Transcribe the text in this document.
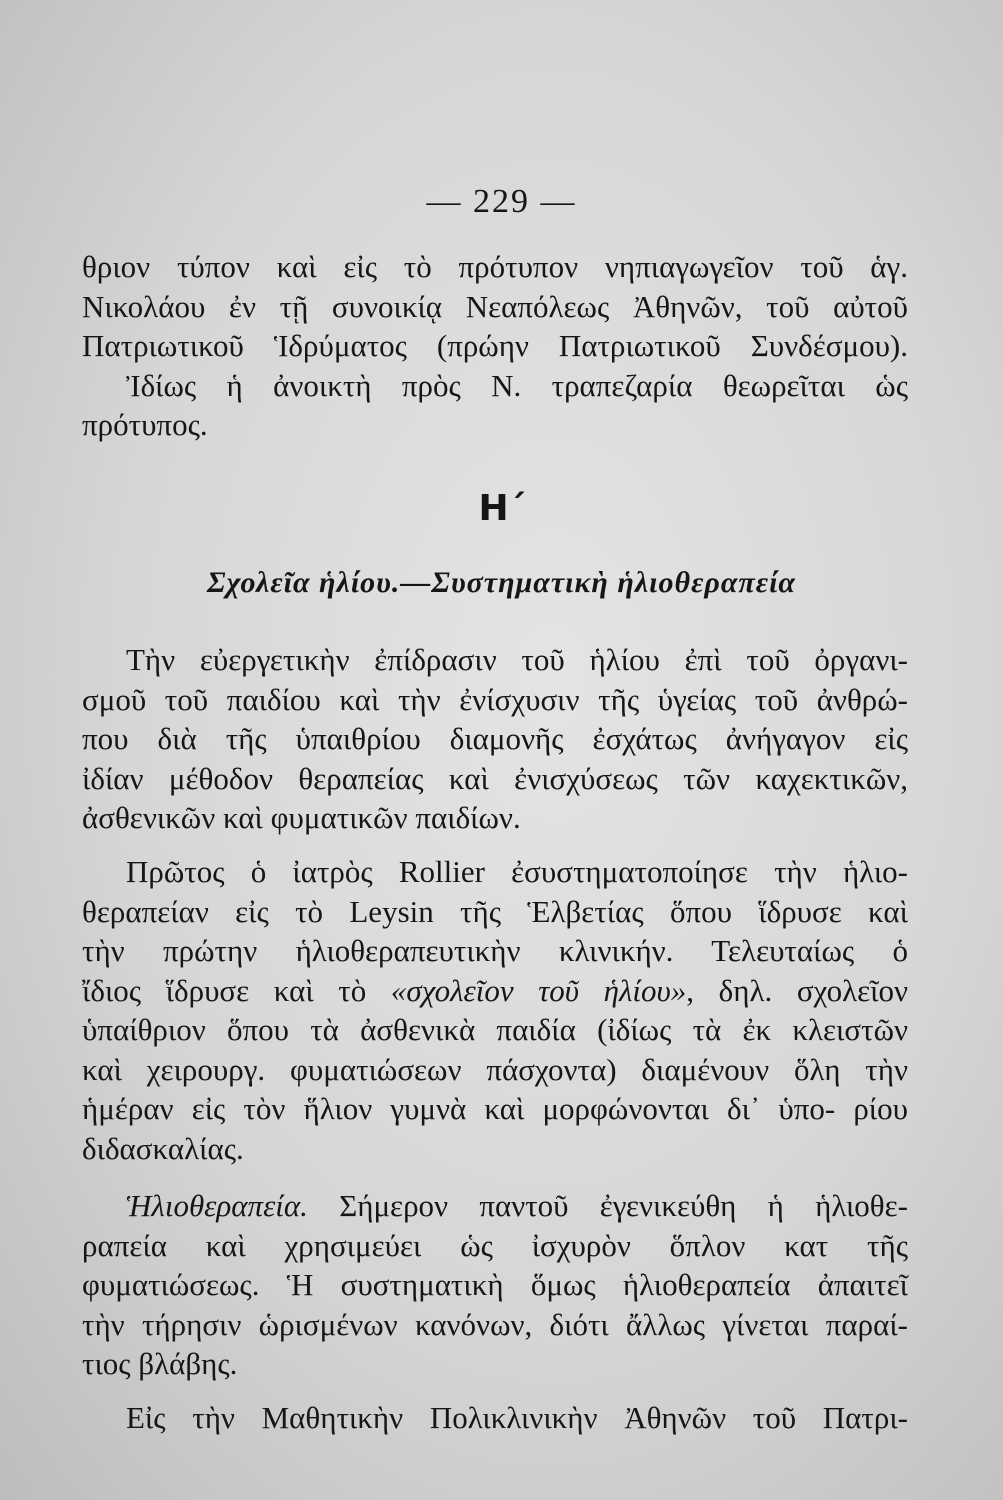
— 229 —
θριον τύπον καὶ εἰς τὸ πρότυπον νηπιαγωγεῖον τοῦ ἁγ.
Νικολάου ἐν τῇ συνοικίᾳ Νεαπόλεως Ἀθηνῶν, τοῦ αὐτοῦ
Πατριωτικοῦ Ἱδρύματος (πρώην Πατριωτικοῦ Συνδέσμου).
Ἰδίως ἡ ἀνοικτὴ πρὸς Ν. τραπεζαρία θεωρεῖται ὡς
πρότυπος.
Η΄
Σχολεῖα ἡλίου.—Συστηματικὴ ἡλιοθεραπεία
Τὴν εὐεργετικὴν ἐπίδρασιν τοῦ ἡλίου ἐπὶ τοῦ ὀργανι-
σμοῦ τοῦ παιδίου καὶ τὴν ἐνίσχυσιν τῆς ὑγείας τοῦ ἀνθρώ-
που διὰ τῆς ὑπαιθρίου διαμονῆς ἐσχάτως ἀνήγαγον εἰς
ἰδίαν μέθοδον θεραπείας καὶ ἐνισχύσεως τῶν καχεκτικῶν,
ἀσθενικῶν καὶ φυματικῶν παιδίων.
Πρῶτος ὁ ἰατρὸς Rollier ἐσυστηματοποίησε τὴν ἡλιο-
θεραπείαν εἰς τὸ Leysin τῆς Ἑλβετίας ὅπου ἵδρυσε καὶ
τὴν πρώτην ἡλιοθεραπευτικὴν κλινικήν. Τελευταίως ὁ
ἴδιος ἵδρυσε καὶ τὸ «σχολεῖον τοῦ ἡλίου», δηλ. σχολεῖον
ὑπαίθριον ὅπου τὰ ἀσθενικὰ παιδία (ἰδίως τὰ ἐκ κλειστῶν
καὶ χειρουργ. φυματιώσεων πάσχοντα) διαμένουν ὅλη τὴν
ἡμέραν εἰς τὸν ἥλιον γυμνὰ καὶ μορφώνονται δι᾽ ὑπο- ρίου
διδασκαλίας.
Ἡλιοθεραπεία. Σήμερον παντοῦ ἐγενικεύθη ἡ ἡλιοθε-
ραπεία καὶ χρησιμεύει ὡς ἰσχυρὸν ὅπλον κατ τῆς
φυματιώσεως. Ἡ συστηματικὴ ὅμως ἡλιοθεραπεία ἀπαιτεῖ
τὴν τήρησιν ὡρισμένων κανόνων, διότι ἄλλως γίνεται παραί-
τιος βλάβης.
Εἰς τὴν Μαθητικὴν Πολικλινικὴν Ἀθηνῶν τοῦ Πατρι-
